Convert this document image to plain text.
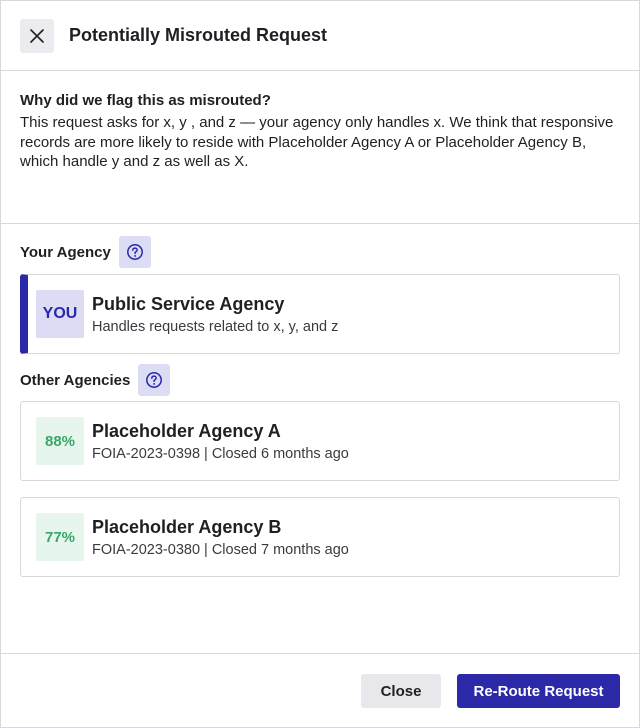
Potentially Misrouted Request

Why did we flag this as misrouted?

This request asks for x, y , and z — your agency only handles x. We think that responsive records are more likely to reside with Placeholder Agency A or Placeholder Agency B, which handle y and z as well as X.

Your Agency
YOU Public Service Agency
Handles requests related to x, y, and z
Other Agencies
88%
Placeholder Agency A
FOIA-2023-0398 | Closed 6 months ago
77%
Placeholder Agency B
FOIA-2023-0380 | Closed 7 months ago
Close	Re-Route Request
